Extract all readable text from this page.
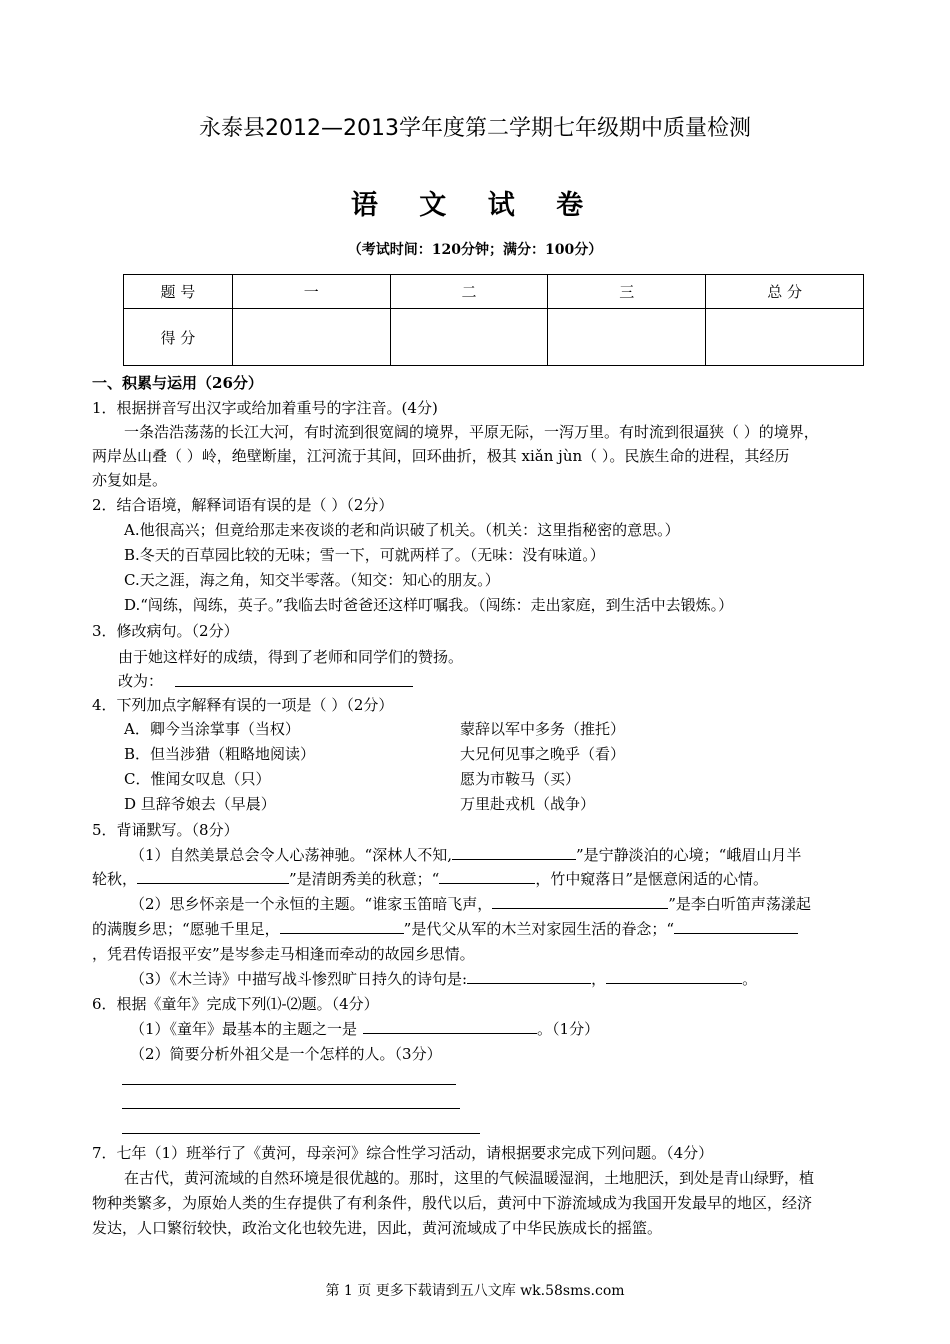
永泰县2012—2013学年度第二学期七年级期中质量检测
语 文 试 卷
（考试时间：120分钟；满分：100分）
题 号	一	二	三	总 分
得 分				
一、积累与运用（26分）
1．根据拼音写出汉字或给加着重号的字注音。(4分)
一条浩浩荡荡的长江大河，有时流到很宽阔的境界，平原无际，一泻万里。有时流到很逼狭（ ）的境界，
两岸丛山叠（ ）岭，绝壁断崖，江河流于其间，回环曲折，极其 xiǎn jùn（ ）。民族生命的进程，其经历
亦复如是。
2．结合语境，解释词语有误的是（ ）（2分）
A.他很高兴；但竟给那走来夜谈的老和尚识破了机关。（机关：这里指秘密的意思。）
B.冬天的百草园比较的无味；雪一下，可就两样了。（无味：没有味道。）
C.天之涯，海之角，知交半零落。（知交：知心的朋友。）
D.“闯练，闯练，英子。”我临去时爸爸还这样叮嘱我。（闯练：走出家庭，到生活中去锻炼。）
3．修改病句。（2分）
由于她这样好的成绩，得到了老师和同学们的赞扬。
改为：
4．下列加点字解释有误的一项是（ ）（2分）
A．卿今当涂掌事（当权）	蒙辞以军中多务（推托）
B．但当涉猎（粗略地阅读）	大兄何见事之晚乎（看）
C．惟闻女叹息（只）	愿为市鞍马（买）
D 旦辞爷娘去（早晨）	万里赴戎机（战争）
5．背诵默写。（8分）
（1）自然美景总会令人心荡神驰。“深林人不知,	”是宁静淡泊的心境；“峨眉山月半
轮秋，	”是清朗秀美的秋意；“	，竹中窥落日”是惬意闲适的心情。
（2）思乡怀亲是一个永恒的主题。“谁家玉笛暗飞声，	”是李白听笛声荡漾起
的满腹乡思；“愿驰千里足，	”是代父从军的木兰对家园生活的眷念；“
，凭君传语报平安”是岑参走马相逢而牵动的故园乡思情。
（3）《木兰诗》中描写战斗惨烈旷日持久的诗句是:	，	。
6．根据《童年》完成下列⑴-⑵题。（4分）
（1）《童年》最基本的主题之一是	。（1分）
（2）简要分析外祖父是一个怎样的人。（3分）
7．七年（1）班举行了《黄河，母亲河》综合性学习活动，请根据要求完成下列问题。（4分）
在古代，黄河流域的自然环境是很优越的。那时，这里的气候温暖湿润，土地肥沃，到处是青山绿野，植
物种类繁多，为原始人类的生存提供了有利条件，殷代以后，黄河中下游流域成为我国开发最早的地区，经济
发达，人口繁衍较快，政治文化也较先进，因此，黄河流域成了中华民族成长的摇篮。
第 1 页 更多下载请到五八文库 wk.58sms.com
